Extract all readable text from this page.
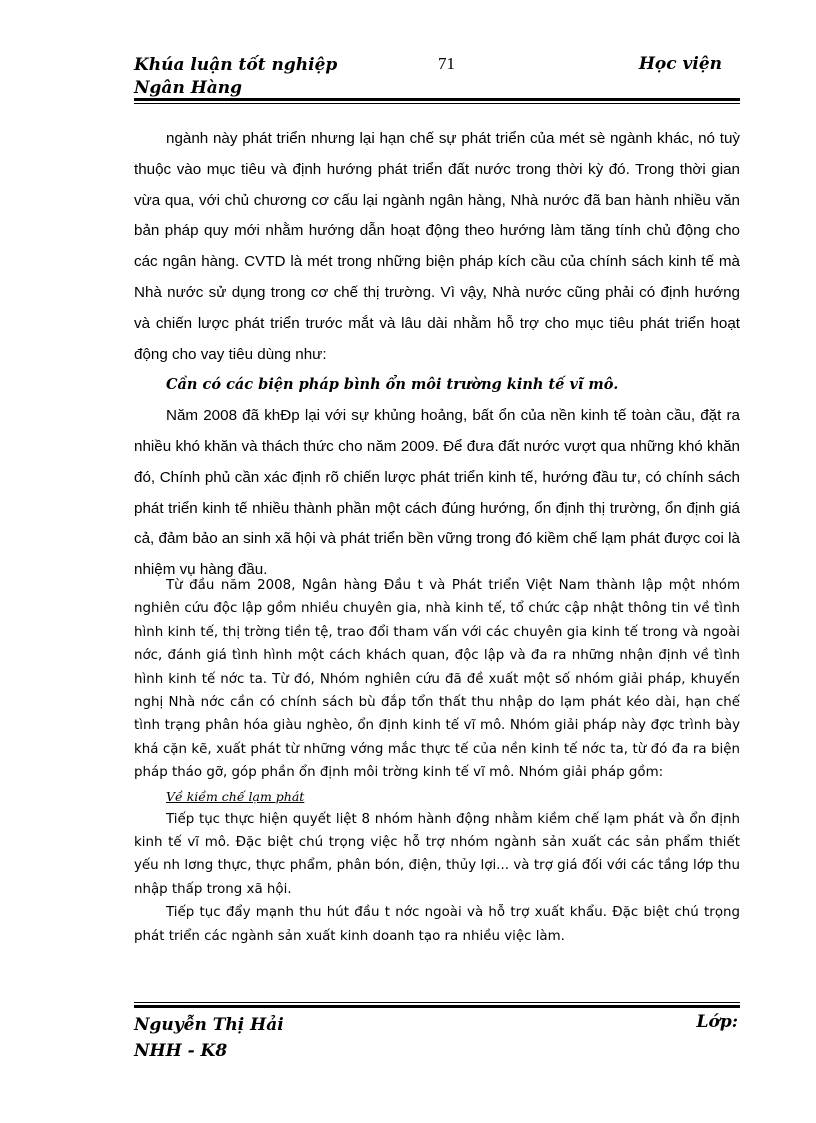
Khúa luận tốt nghiệp
Ngân Hàng
71	Học viện

ngành này phát triển nhưng lại hạn chế sự phát triển của mét sè ngành khác, nó tuỳ thuộc vào mục tiêu và định hướng phát triển đất nước trong thời kỳ đó. Trong thời gian vừa qua, với chủ chương cơ cấu lại ngành ngân hàng, Nhà nước đã ban hành nhiều văn bản pháp quy mới nhằm hướng dẫn hoạt động theo hướng làm tăng tính chủ động cho các ngân hàng. CVTD là mét trong những biện pháp kích cầu của chính sách kinh tế mà Nhà nước sử dụng trong cơ chế thị trường. Vì vậy, Nhà nước cũng phải có định hướng và chiến lược phát triển trước mắt và lâu dài nhằm hỗ trợ cho mục tiêu phát triển hoạt động cho vay tiêu dùng như:

Cần có các biện pháp bình ổn môi trường kinh tế vĩ mô.

Năm 2008 đã khĐp lại với sự khủng hoảng, bất ổn của nền kinh tế toàn cầu, đặt ra nhiều khó khăn và thách thức cho năm 2009. Để đưa đất nước vượt qua những khó khăn đó, Chính phủ cần xác định rõ chiến lược phát triển kinh tế, hướng đầu tư, có chính sách phát triển kinh tế nhiều thành phần một cách đúng hướng, ổn định thị trường, ổn định giá cả, đảm bảo an sinh xã hội và phát triển bền vững trong đó kiềm chế lạm phát được coi là nhiệm vụ hàng đầu.

Từ đầu năm 2008, Ngân hàng Đầu t và Phát triển Việt Nam thành lập một nhóm nghiên cứu độc lập gồm nhiều chuyên gia, nhà kinh tế, tổ chức cập nhật thông tin về tình hình kinh tế, thị trờng tiền tệ, trao đổi tham vấn với các chuyên gia kinh tế trong và ngoài nớc, đánh giá tình hình một cách khách quan, độc lập và đa ra những nhận định về tình hình kinh tế nớc ta. Từ đó, Nhóm nghiên cứu đã đề xuất một số nhóm giải pháp, khuyến nghị Nhà nớc cần có chính sách bù đắp tổn thất thu nhập do lạm phát kéo dài, hạn chế tình trạng phân hóa giàu nghèo, ổn định kinh tế vĩ mô. Nhóm giải pháp này đợc trình bày khá cặn kẽ, xuất phát từ những vớng mắc thực tế của nền kinh tế nớc ta, từ đó đa ra biện pháp tháo gỡ, góp phần ổn định môi trờng kinh tế vĩ mô. Nhóm giải pháp gồm:

Về kiềm chế lạm phát

Tiếp tục thực hiện quyết liệt 8 nhóm hành động nhằm kiềm chế lạm phát và ổn định kinh tế vĩ mô. Đặc biệt chú trọng việc hỗ trợ nhóm ngành sản xuất các sản phẩm thiết yếu nh lơng thực, thực phẩm, phân bón, điện, thủy lợi... và trợ giá đối với các tầng lớp thu nhập thấp trong xã hội.

Tiếp tục đẩy mạnh thu hút đầu t nớc ngoài và hỗ trợ xuất khẩu. Đặc biệt chú trọng phát triển các ngành sản xuất kinh doanh tạo ra nhiều việc làm.

Nguyễn Thị Hải
NHH - K8
Lớp:
